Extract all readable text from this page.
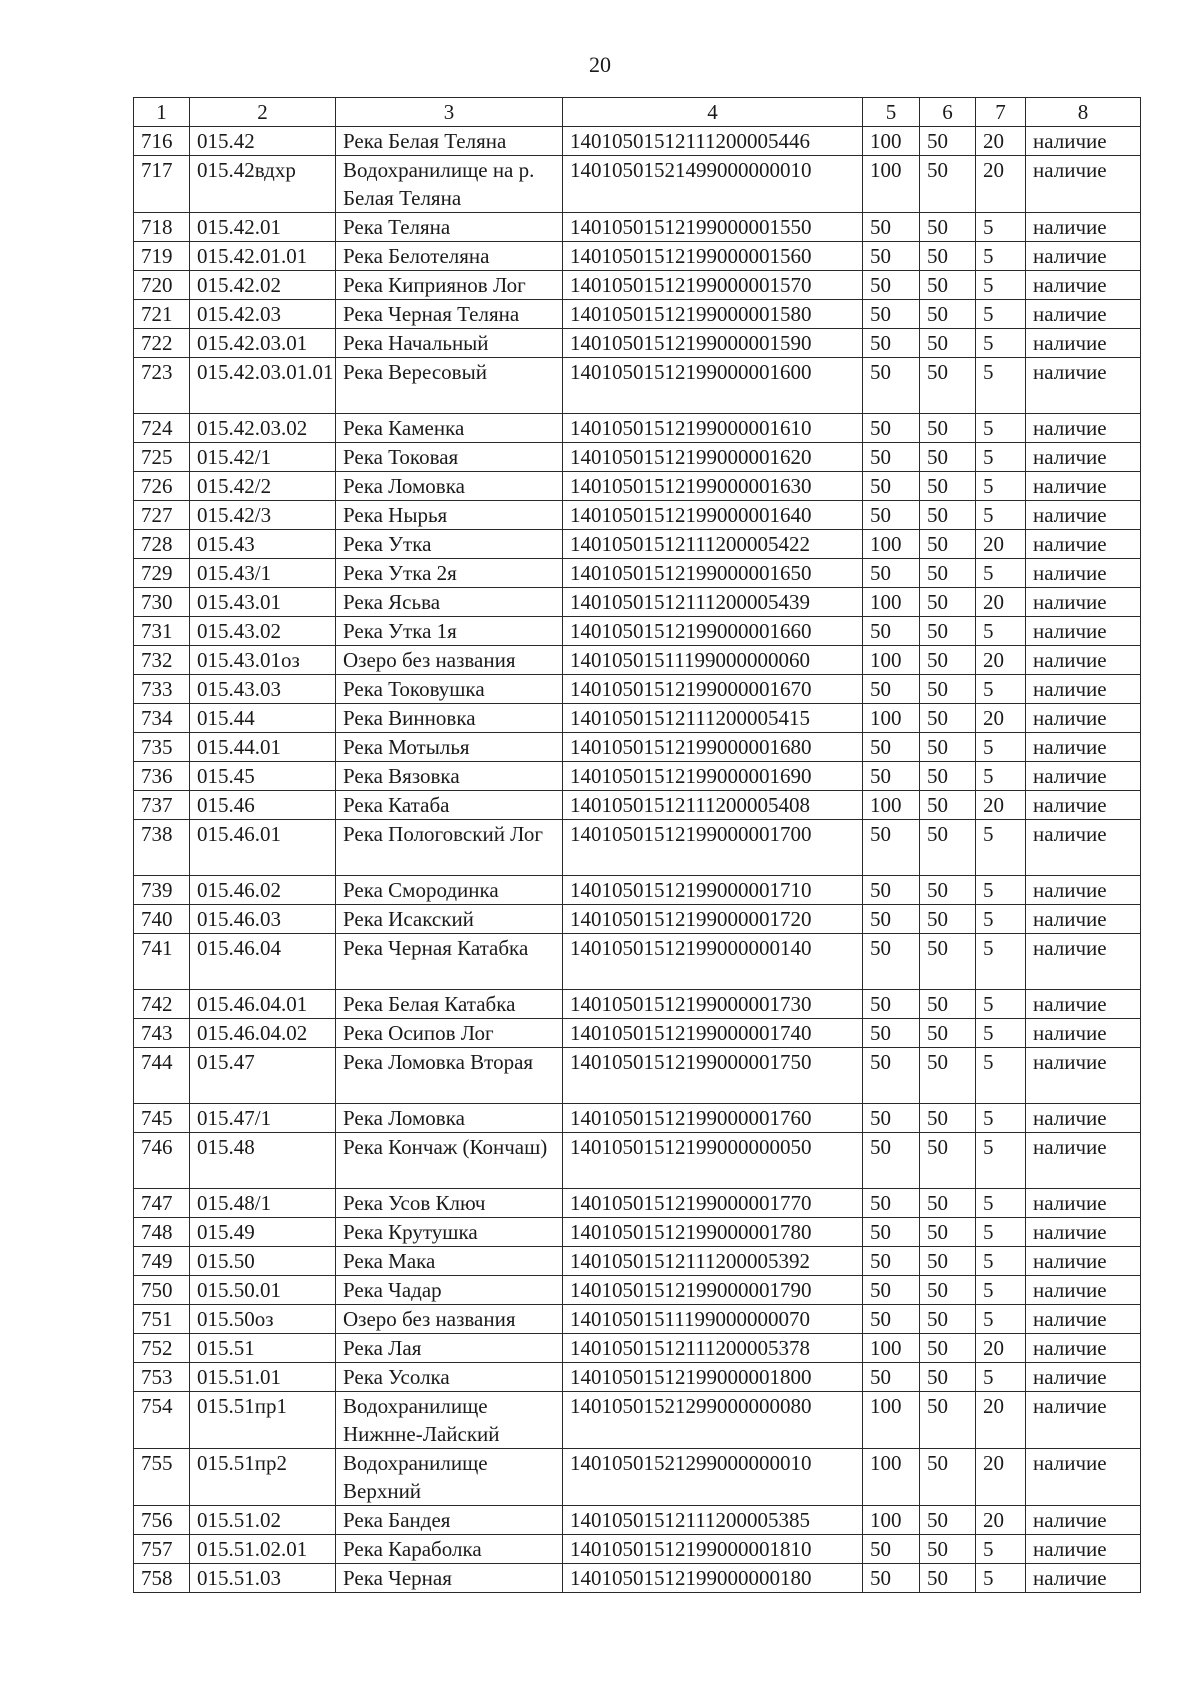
20
1	2	3	4	5	6	7	8
716	015.42	Река Белая Теляна	14010501512111200005446	100	50	20	наличие
717	015.42вдхр	Водохранилище на р. Белая Теляна	14010501521499000000010	100	50	20	наличие
718	015.42.01	Река Теляна	14010501512199000001550	50	50	5	наличие
719	015.42.01.01	Река Белотеляна	14010501512199000001560	50	50	5	наличие
720	015.42.02	Река Киприянов Лог	14010501512199000001570	50	50	5	наличие
721	015.42.03	Река Черная Теляна	14010501512199000001580	50	50	5	наличие
722	015.42.03.01	Река Начальный	14010501512199000001590	50	50	5	наличие
723	015.42.03.01.01	Река Вересовый	14010501512199000001600	50	50	5	наличие
724	015.42.03.02	Река Каменка	14010501512199000001610	50	50	5	наличие
725	015.42/1	Река Токовая	14010501512199000001620	50	50	5	наличие
726	015.42/2	Река Ломовка	14010501512199000001630	50	50	5	наличие
727	015.42/3	Река Нырья	14010501512199000001640	50	50	5	наличие
728	015.43	Река Утка	14010501512111200005422	100	50	20	наличие
729	015.43/1	Река Утка 2я	14010501512199000001650	50	50	5	наличие
730	015.43.01	Река Ясьва	14010501512111200005439	100	50	20	наличие
731	015.43.02	Река Утка 1я	14010501512199000001660	50	50	5	наличие
732	015.43.01оз	Озеро без названия	14010501511199000000060	100	50	20	наличие
733	015.43.03	Река Токовушка	14010501512199000001670	50	50	5	наличие
734	015.44	Река Винновка	14010501512111200005415	100	50	20	наличие
735	015.44.01	Река Мотылья	14010501512199000001680	50	50	5	наличие
736	015.45	Река Вязовка	14010501512199000001690	50	50	5	наличие
737	015.46	Река Катаба	14010501512111200005408	100	50	20	наличие
738	015.46.01	Река Пологовский Лог	14010501512199000001700	50	50	5	наличие
739	015.46.02	Река Смородинка	14010501512199000001710	50	50	5	наличие
740	015.46.03	Река Исакский	14010501512199000001720	50	50	5	наличие
741	015.46.04	Река Черная Катабка	14010501512199000000140	50	50	5	наличие
742	015.46.04.01	Река Белая Катабка	14010501512199000001730	50	50	5	наличие
743	015.46.04.02	Река Осипов Лог	14010501512199000001740	50	50	5	наличие
744	015.47	Река Ломовка Вторая	14010501512199000001750	50	50	5	наличие
745	015.47/1	Река Ломовка	14010501512199000001760	50	50	5	наличие
746	015.48	Река Кончаж (Кончаш)	14010501512199000000050	50	50	5	наличие
747	015.48/1	Река Усов Ключ	14010501512199000001770	50	50	5	наличие
748	015.49	Река Крутушка	14010501512199000001780	50	50	5	наличие
749	015.50	Река Мака	14010501512111200005392	50	50	5	наличие
750	015.50.01	Река Чадар	14010501512199000001790	50	50	5	наличие
751	015.50оз	Озеро без названия	14010501511199000000070	50	50	5	наличие
752	015.51	Река Лая	14010501512111200005378	100	50	20	наличие
753	015.51.01	Река Усолка	14010501512199000001800	50	50	5	наличие
754	015.51пр1	Водохранилище Нижнне-Лайский	14010501521299000000080	100	50	20	наличие
755	015.51пр2	Водохранилище Верхний	14010501521299000000010	100	50	20	наличие
756	015.51.02	Река Бандея	14010501512111200005385	100	50	20	наличие
757	015.51.02.01	Река Караболка	14010501512199000001810	50	50	5	наличие
758	015.51.03	Река Черная	14010501512199000000180	50	50	5	наличие
